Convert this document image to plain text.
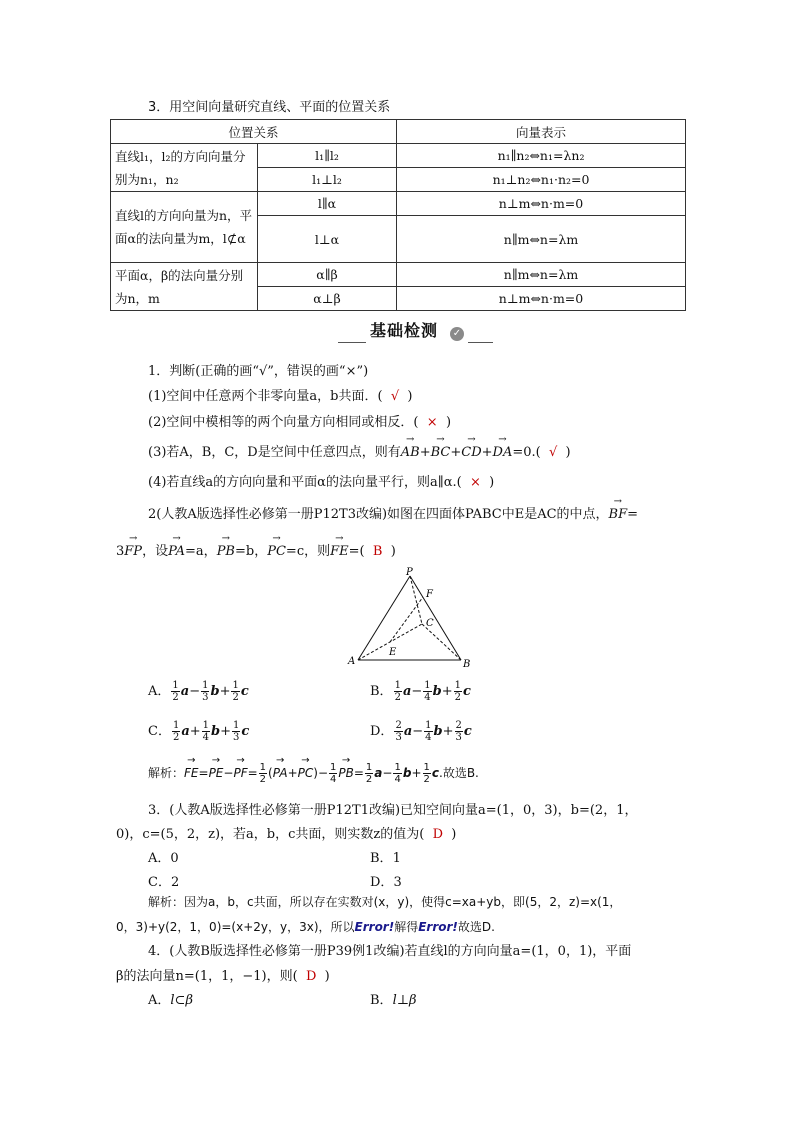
3．用空间向量研究直线、平面的位置关系
位置关系		向量表示
直线l₁，l₂的方向向量分别为n₁，n₂	l₁∥l₂	n₁∥n₂⇔n₁=λn₂
	l₁⊥l₂	n₁⊥n₂⇔n₁·n₂=0
直线l的方向向量为n，平面α的法向量为m，l⊄α	l∥α	n⊥m⇔n·m=0
	l⊥α	n∥m⇔n=λm
平面α，β的法向量分别为n，m	α∥β	n∥m⇔n=λm
	α⊥β	n⊥m⇔n·m=0
基础检测 ✓
1．判断(正确的画“√”，错误的画“×”)
(1)空间中任意两个非零向量a，b共面．( √ )
(2)空间中模相等的两个向量方向相同或相反．( × )
(3)若A，B，C，D是空间中任意四点，则有→ AB+→ BC+→ CD+→ DA=0.( √ )
(4)若直线a的方向向量和平面α的法向量平行，则a∥α.( × )
2(人教A版选择性必修第一册P12T3改编)如图在四面体PABC中E是AC的中点，→ BF=
3→ FP，设→ PA=a，→ PB=b，→ PC=c，则→ FE=( B )
P
F
C
E
A	B
A． $\frac{1}{2} a- \frac{1}{3} b+ \frac{1}{2}$ c	B． $\frac{1}{2} a- \frac{1}{4} b+ \frac{1}{2}$ c
C． $\frac{1}{2} a+ \frac{1}{4} b+ \frac{1}{3}$ c	D． $\frac{2}{3} a- \frac{1}{4} b+ \frac{2}{3}$ c
解析：→ $FE=\to PE-\to PF= \frac{1}{2}$ (→ $PA+\to PC)- \frac{1}{4} \to PB= \frac{1}{2} a- \frac{1}{4} b+ \frac{1}{2} c$.故选B.
3．(人教A版选择性必修第一册P12T1改编)已知空间向量a=(1，0，3)，b=(2，1，
0)，c=(5，2，z)，若a，b，c共面，则实数z的值为( D )
A．0	B．1
C．2	D．3
解析：因为a，b，c共面，所以存在实数对(x，y)，使得c=xa+yb，即(5，2，z)=x(1，
0，3)+y(2，1，0)=(x+2y，y，3x)，所以Error!解得Error!故选D.
4．(人教B版选择性必修第一册P39例1改编)若直线l的方向向量a=(1，0，1)，平面
β的法向量n=(1，1，−1)，则( D )
A．l⊂β	B．l⊥β
